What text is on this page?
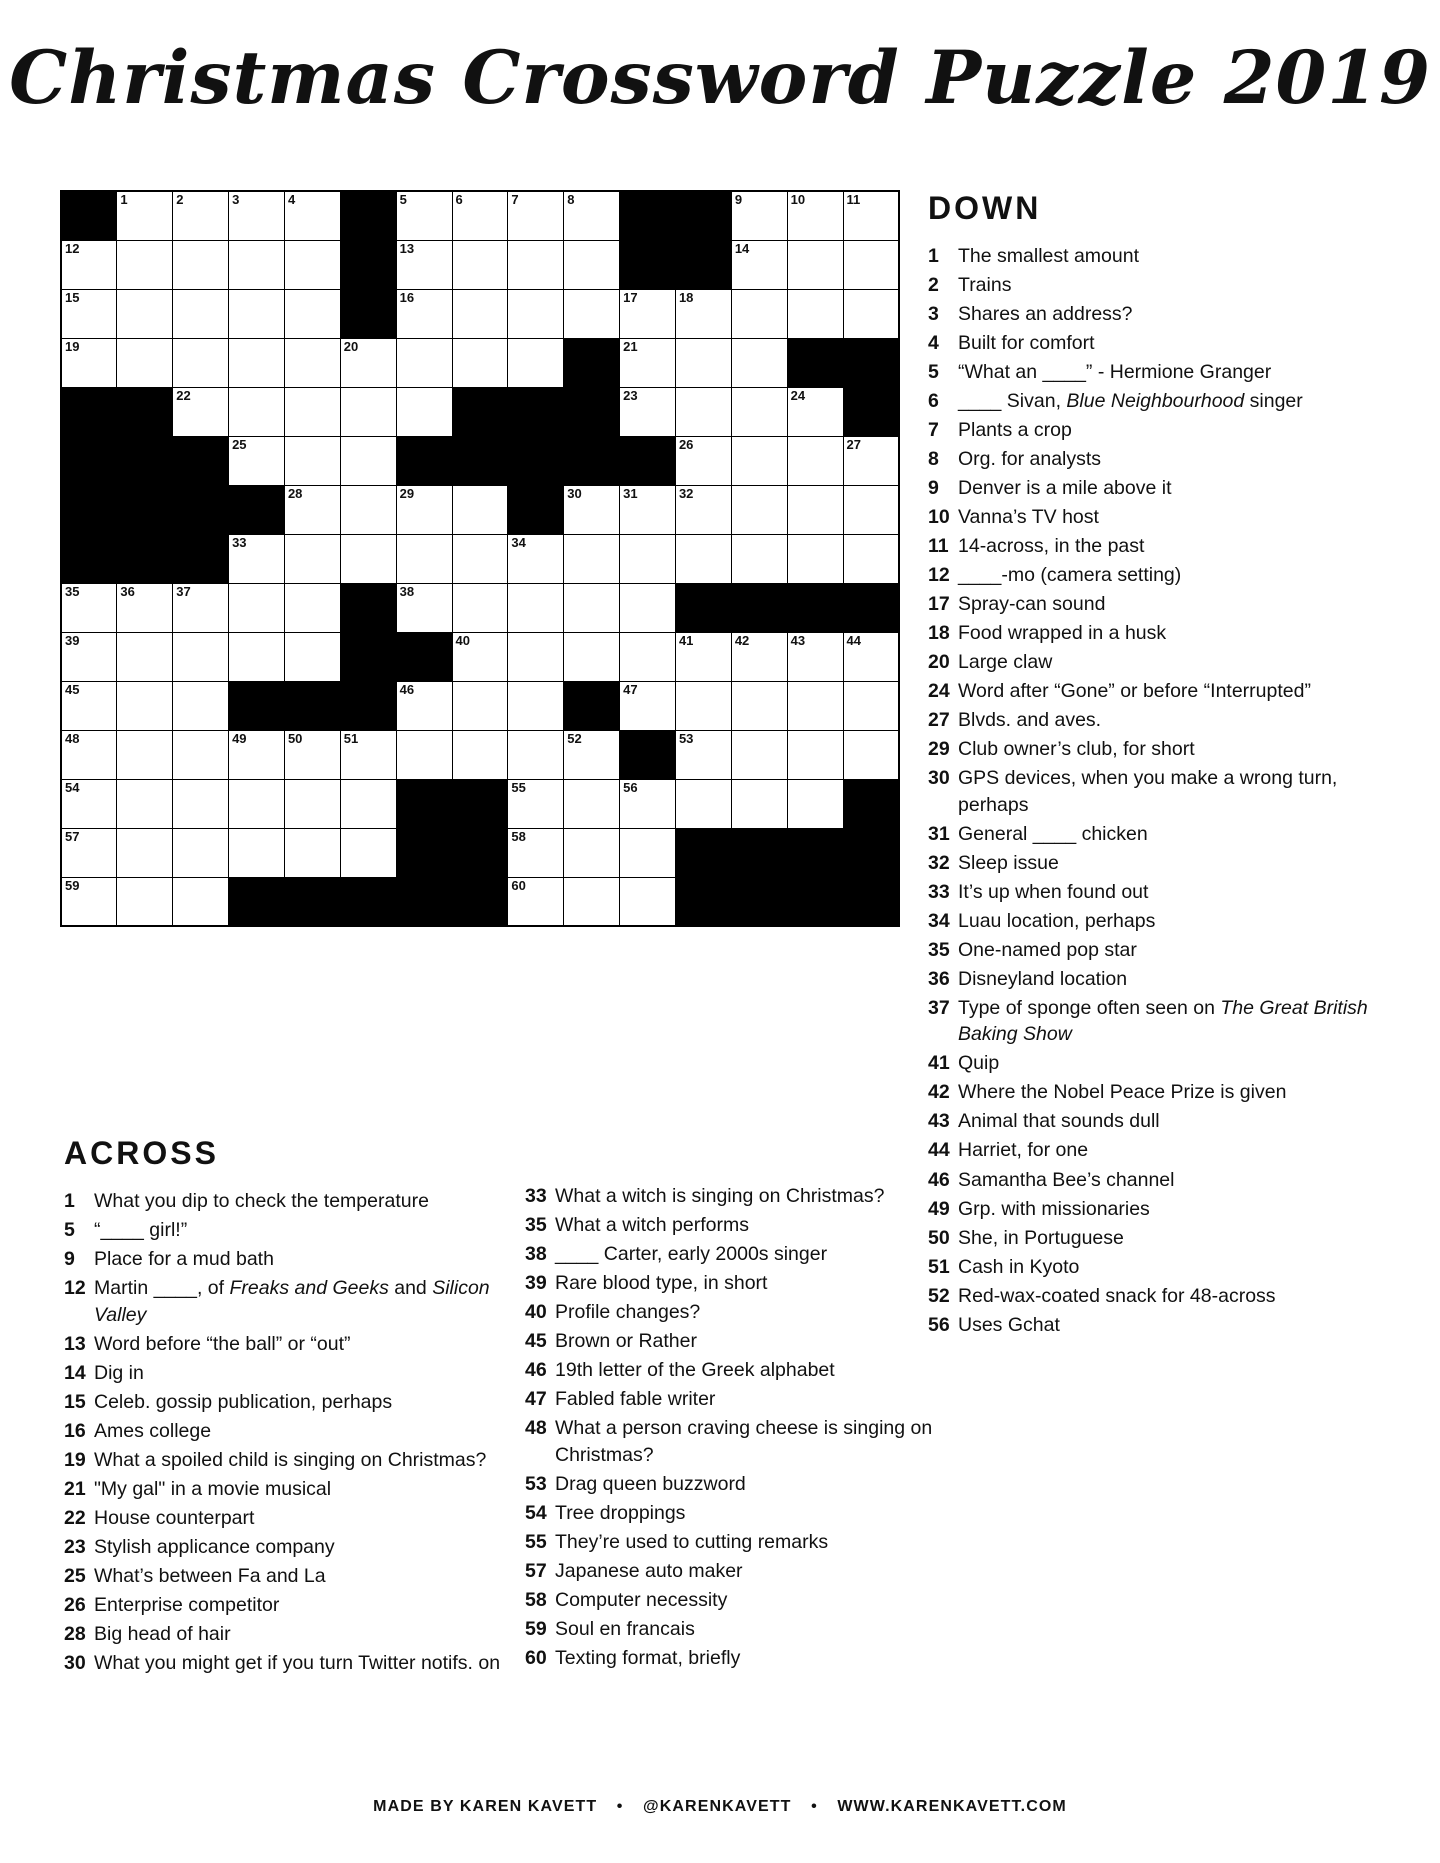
Christmas Crossword Puzzle 2019

	1	2	3	4		5	6	7	8			9	10	11

12						13						14		

15						16				17	18			

19					20					21				

		22								23			24	

			25								26			27

				28		29			30	31	32			

			33					34						

35	36	37				38								

39							40				41	42	43	44

45						46				47				

48			49	50	51				52		53			

54								55		56				

57								58						

59								60						

DOWN
1 The smallest amount
2 Trains
3 Shares an address?
4 Built for comfort
5 “What an ____” - Hermione Granger
6 ____ Sivan, Blue Neighbourhood singer
7 Plants a crop
8 Org. for analysts
9 Denver is a mile above it
10 Vanna’s TV host
11 14-across, in the past
12 ____-mo (camera setting)
17 Spray-can sound
18 Food wrapped in a husk
20 Large claw
24 Word after “Gone” or before “Interrupted”
27 Blvds. and aves.
29 Club owner’s club, for short
30 GPS devices, when you make a wrong turn, perhaps
31 General ____ chicken
32 Sleep issue
33 It’s up when found out
34 Luau location, perhaps
35 One-named pop star
36 Disneyland location
37 Type of sponge often seen on The Great British Baking Show
41 Quip
42 Where the Nobel Peace Prize is given
43 Animal that sounds dull
44 Harriet, for one
46 Samantha Bee’s channel
49 Grp. with missionaries
50 She, in Portuguese
51 Cash in Kyoto
52 Red-wax-coated snack for 48-across
56 Uses Gchat
ACROSS
1 What you dip to check the temperature
5 “____ girl!”
9 Place for a mud bath
12 Martin ____, of Freaks and Geeks and Silicon Valley
13 Word before “the ball” or “out”
14 Dig in
15 Celeb. gossip publication, perhaps
16 Ames college
19 What a spoiled child is singing on Christmas?
21 "My gal" in a movie musical
22 House counterpart
23 Stylish applicance company
25 What’s between Fa and La
26 Enterprise competitor
28 Big head of hair
30 What you might get if you turn Twitter notifs. on
33 What a witch is singing on Christmas?
35 What a witch performs
38 ____ Carter, early 2000s singer
39 Rare blood type, in short
40 Profile changes?
45 Brown or Rather
46 19th letter of the Greek alphabet
47 Fabled fable writer
48 What a person craving cheese is singing on Christmas?
53 Drag queen buzzword
54 Tree droppings
55 They’re used to cutting remarks
57 Japanese auto maker
58 Computer necessity
59 Soul en francais
60 Texting format, briefly
MADE BY KAREN KAVETT • @KARENKAVETT • WWW.KARENKAVETT.COM
